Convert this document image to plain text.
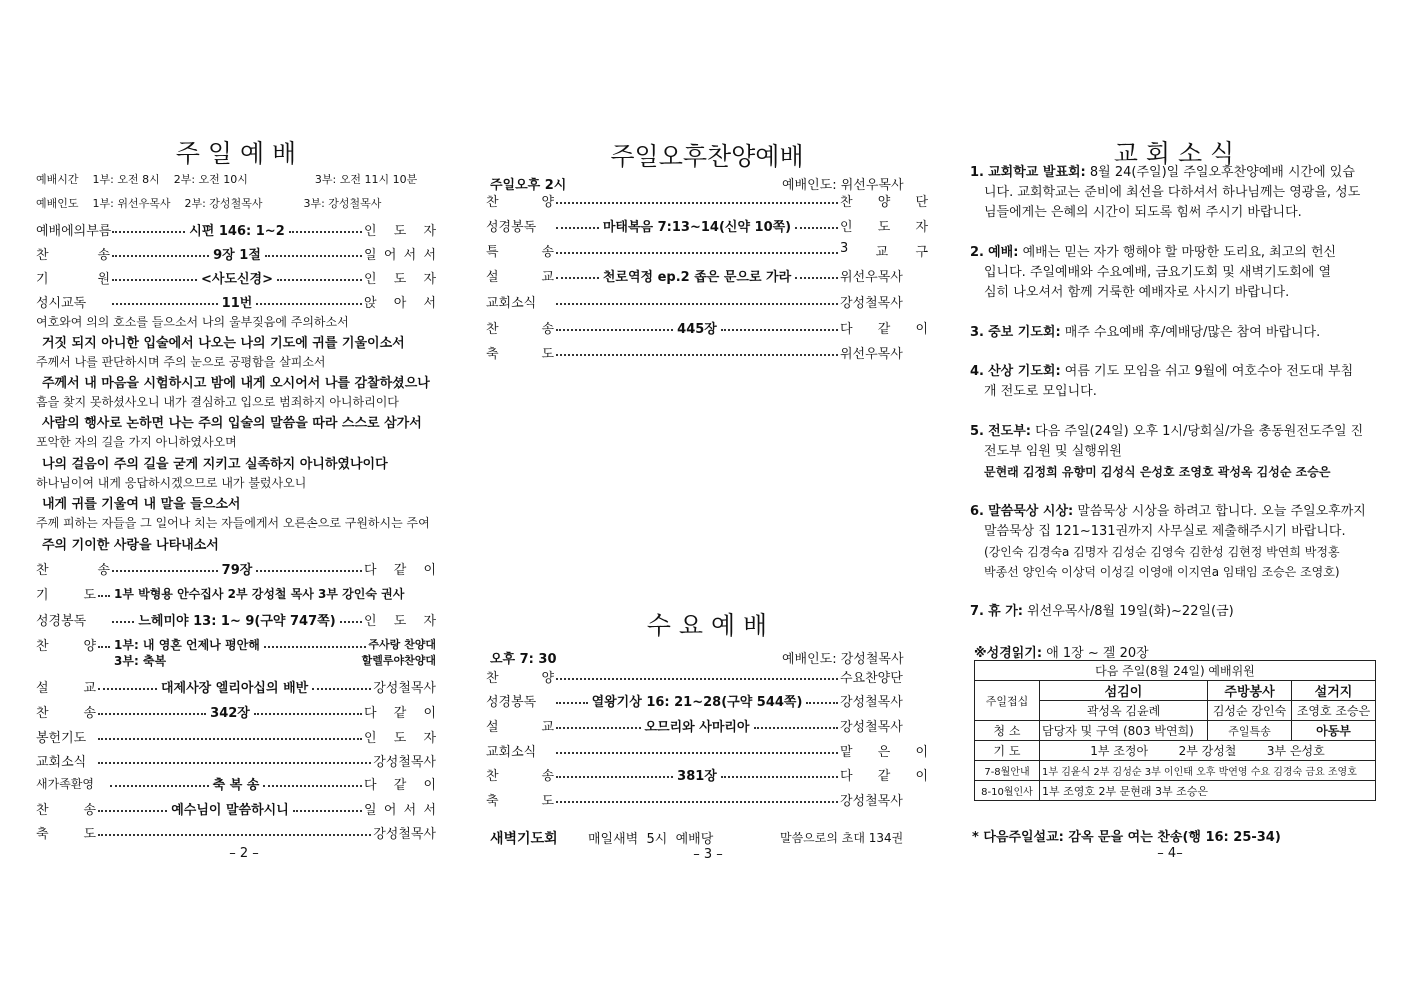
주 일 예 배
예배시간 1부: 오전 8시 2부: 오전 10시	3부: 오전 11시 10분
예배인도 1부: 위선우목사 2부: 강성철목사	3부: 강성철목사
예배에의부름	시편 146: 1~2	인 도 자
찬	송	9장 1절	일 어 서 서
기	원	<사도신경>	인 도 자
성시교독	11번	앉 아 서
여호와여 의의 호소를 들으소서 나의 울부짖음에 주의하소서
거짓 되지 아니한 입술에서 나오는 나의 기도에 귀를 기울이소서
주께서 나를 판단하시며 주의 눈으로 공평함을 살피소서
주께서 내 마음을 시험하시고 밤에 내게 오시어서 나를 감찰하셨으나
흠을 찾지 못하셨사오니 내가 결심하고 입으로 범죄하지 아니하리이다
사람의 행사로 논하면 나는 주의 입술의 말씀을 따라 스스로 삼가서
포악한 자의 길을 가지 아니하였사오며
나의 걸음이 주의 길을 굳게 지키고 실족하지 아니하였나이다
하나님이여 내게 응답하시겠으므로 내가 불렀사오니
내게 귀를 기울여 내 말을 들으소서
주께 피하는 자들을 그 일어나 치는 자들에게서 오른손으로 구원하시는 주여
주의 기이한 사랑을 나타내소서
찬	송	79장	다 같 이
기	도 1부 박형용 안수집사 2부 강성철 목사 3부 강인숙 권사
성경봉독	느헤미야 13: 1~ 9(구약 747쪽) 인 도 자
찬	양 1부: 내 영혼 언제나 평안해	주사랑 찬양대
3부: 축복	할렐루야찬양대
설	교	대제사장 엘리아십의 배반	강성철목사
찬	송	342장	다 같 이
봉헌기도	인 도 자
교회소식	강성철목사
새가족환영	축 복 송	다 같 이
찬	송	예수님이 말씀하시니	일 어 서 서
축	도	강성철목사
– 2 –
주일오후찬양예배
주일오후 2시	예배인도: 위선우목사
찬	양	찬 양 단
성경봉독	마태복음 7:13~14(신약 10쪽)	인 도 자
특	송	3 교 구
설	교	천로역정 ep.2 좁은 문으로 가라	위선우목사
교회소식	강성철목사
찬	송	445장	다 같 이
축	도	위선우목사
수 요 예 배
오후 7: 30	예배인도: 강성철목사
찬	양	수요찬양단
성경봉독	열왕기상 16: 21~28(구약 544쪽)	강성철목사
설	교	오므리와 사마리아	강성철목사
교회소식	맡 은 이
찬	송	381장	다 같 이
축	도	강성철목사
새벽기도회 매일새벽  5시  예배당	말씀으로의 초대 134권
– 3 –
교 회 소 식
1. 교회학교 발표회: 8월 24(주일)일 주일오후찬양예배 시간에 있습
니다. 교회학교는 준비에 최선을 다하셔서 하나님께는 영광을, 성도
님들에게는 은혜의 시간이 되도록 힘써 주시기 바랍니다.
2. 예배: 예배는 믿는 자가 행해야 할 마땅한 도리요, 최고의 헌신
입니다. 주일예배와 수요예배, 금요기도회 및 새벽기도회에 열
심히 나오셔서 함께 거룩한 예배자로 사시기 바랍니다.
3. 중보 기도회: 매주 수요예배 후/예배당/많은 참여 바랍니다.
4. 산상 기도회: 여름 기도 모임을 쉬고 9월에 여호수아 전도대 부침
개 전도로 모입니다.
5. 전도부: 다음 주일(24일) 오후 1시/당회실/가을 총동원전도주일 진
전도부 임원 및 실행위원
문현래 김정희 유향미 김성식 은성호 조영호 곽성옥 김성순 조승은
6. 말씀묵상 시상: 말씀묵상 시상을 하려고 합니다. 오늘 주일오후까지
말씀묵상 집 121~131권까지 사무실로 제출해주시기 바랍니다.
(강인숙 김경숙a 김명자 김성순 김영숙 김한성 김현정 박연희 박정홍
박종선 양인숙 이상덕 이성길 이영애 이지연a 임태임 조승은 조영호)
7. 휴 가: 위선우목사/8월 19일(화)~22일(금)
※성경읽기: 애 1장 ~ 겔 20장
다음 주일(8월 24일) 예배위원			
주일접십	섬김이	주방봉사	설거지
	곽성옥 김윤례	김성순 강인숙	조영호 조승은
청 소	담당자 및 구역 (803 박연희)	주일특송	아동부
기 도	1부 조정아 2부 강성철 3부 은성호		
7-8월안내	1부 김윤식 2부 김성순 3부 이인태 오후 박연영 수요 김경숙 금요 조영호		
8-10월인사	1부 조영호 2부 문현래 3부 조승은		
* 다음주일설교: 감옥 문을 여는 찬송(행 16: 25-34)
– 4–
